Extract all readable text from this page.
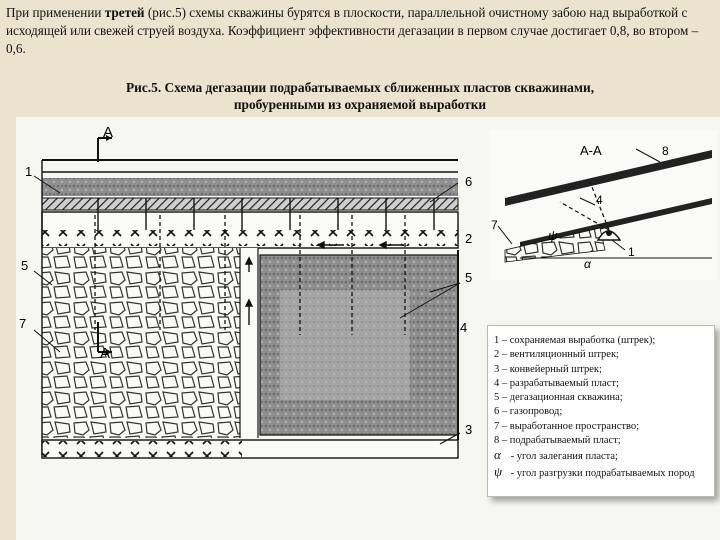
При применении третей (рис.5) схемы скважины бурятся в плоскости, параллельной очистному забою над выработкой с исходящей или свежей струей воздуха. Коэффициент эффективности дегазации в первом случае достигает 0,8, во втором – 0,6.

Рис.5. Схема дегазации подрабатываемых сближенных пластов скважинами,
пробуренными из охраняемой выработки
A
A
1
6
2
5
5
7	4
3
A-A	8
4
7
1
ψ
α
1 – сохраняемая выработка (штрек);
2 – вентиляционный штрек;
3 – конвейерный штрек;
4 – разрабатываемый пласт;
5 – дегазационная скважина;
6 – газопровод;
7 – выработанное пространство;
8 – подрабатываемый пласт;
α - угол залегания пласта;
ψ - угол разгрузки подрабатываемых пород
